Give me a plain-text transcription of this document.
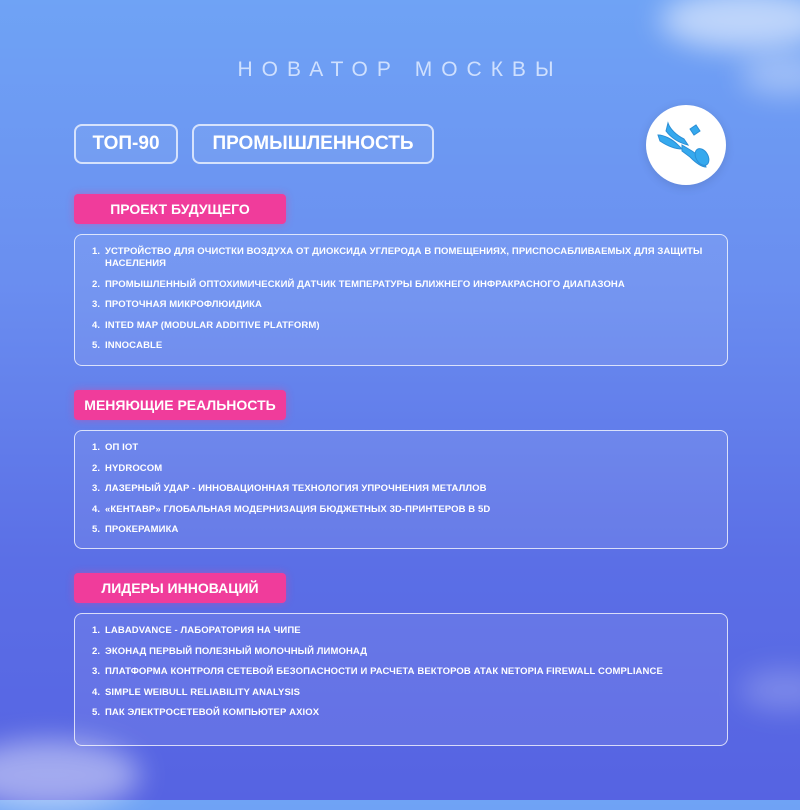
НОВАТОР МОСКВЫ
ТОП-90	ПРОМЫШЛЕННОСТЬ
ПРОЕКТ БУДУЩЕГО
1. УСТРОЙСТВО ДЛЯ ОЧИСТКИ ВОЗДУХА ОТ ДИОКСИДА УГЛЕРОДА В ПОМЕЩЕНИЯХ, ПРИСПОСАБЛИВАЕМЫХ ДЛЯ ЗАЩИТЫ НАСЕЛЕНИЯ
2. ПРОМЫШЛЕННЫЙ ОПТОХИМИЧЕСКИЙ ДАТЧИК ТЕМПЕРАТУРЫ БЛИЖНЕГО ИНФРАКРАСНОГО ДИАПАЗОНА
3. ПРОТОЧНАЯ МИКРОФЛЮИДИКА
4. INTED MAP (MODULAR ADDITIVE PLATFORM)
5. INNOCABLE
МЕНЯЮЩИЕ РЕАЛЬНОСТЬ
1. OП IOT
2. HYDROCOM
3. ЛАЗЕРНЫЙ УДАР - ИННОВАЦИОННАЯ ТЕХНОЛОГИЯ УПРОЧНЕНИЯ МЕТАЛЛОВ
4. «КЕНТАВР» ГЛОБАЛЬНАЯ МОДЕРНИЗАЦИЯ БЮДЖЕТНЫХ 3D-ПРИНТЕРОВ В 5D
5. ПРОКЕРАМИКА
ЛИДЕРЫ ИННОВАЦИЙ
1. LABADVANCE - ЛАБОРАТОРИЯ НА ЧИПЕ
2. ЭКОНАД ПЕРВЫЙ ПОЛЕЗНЫЙ МОЛОЧНЫЙ ЛИМОНАД
3. ПЛАТФОРМА КОНТРОЛЯ СЕТЕВОЙ БЕЗОПАСНОСТИ И РАСЧЕТА ВЕКТОРОВ АТАК NETOPIA FIREWALL COMPLIANCE
4. SIMPLE WEIBULL RELIABILITY ANALYSIS
5. ПАК ЭЛЕКТРОСЕТЕВОЙ КОМПЬЮТЕР AXIOX
